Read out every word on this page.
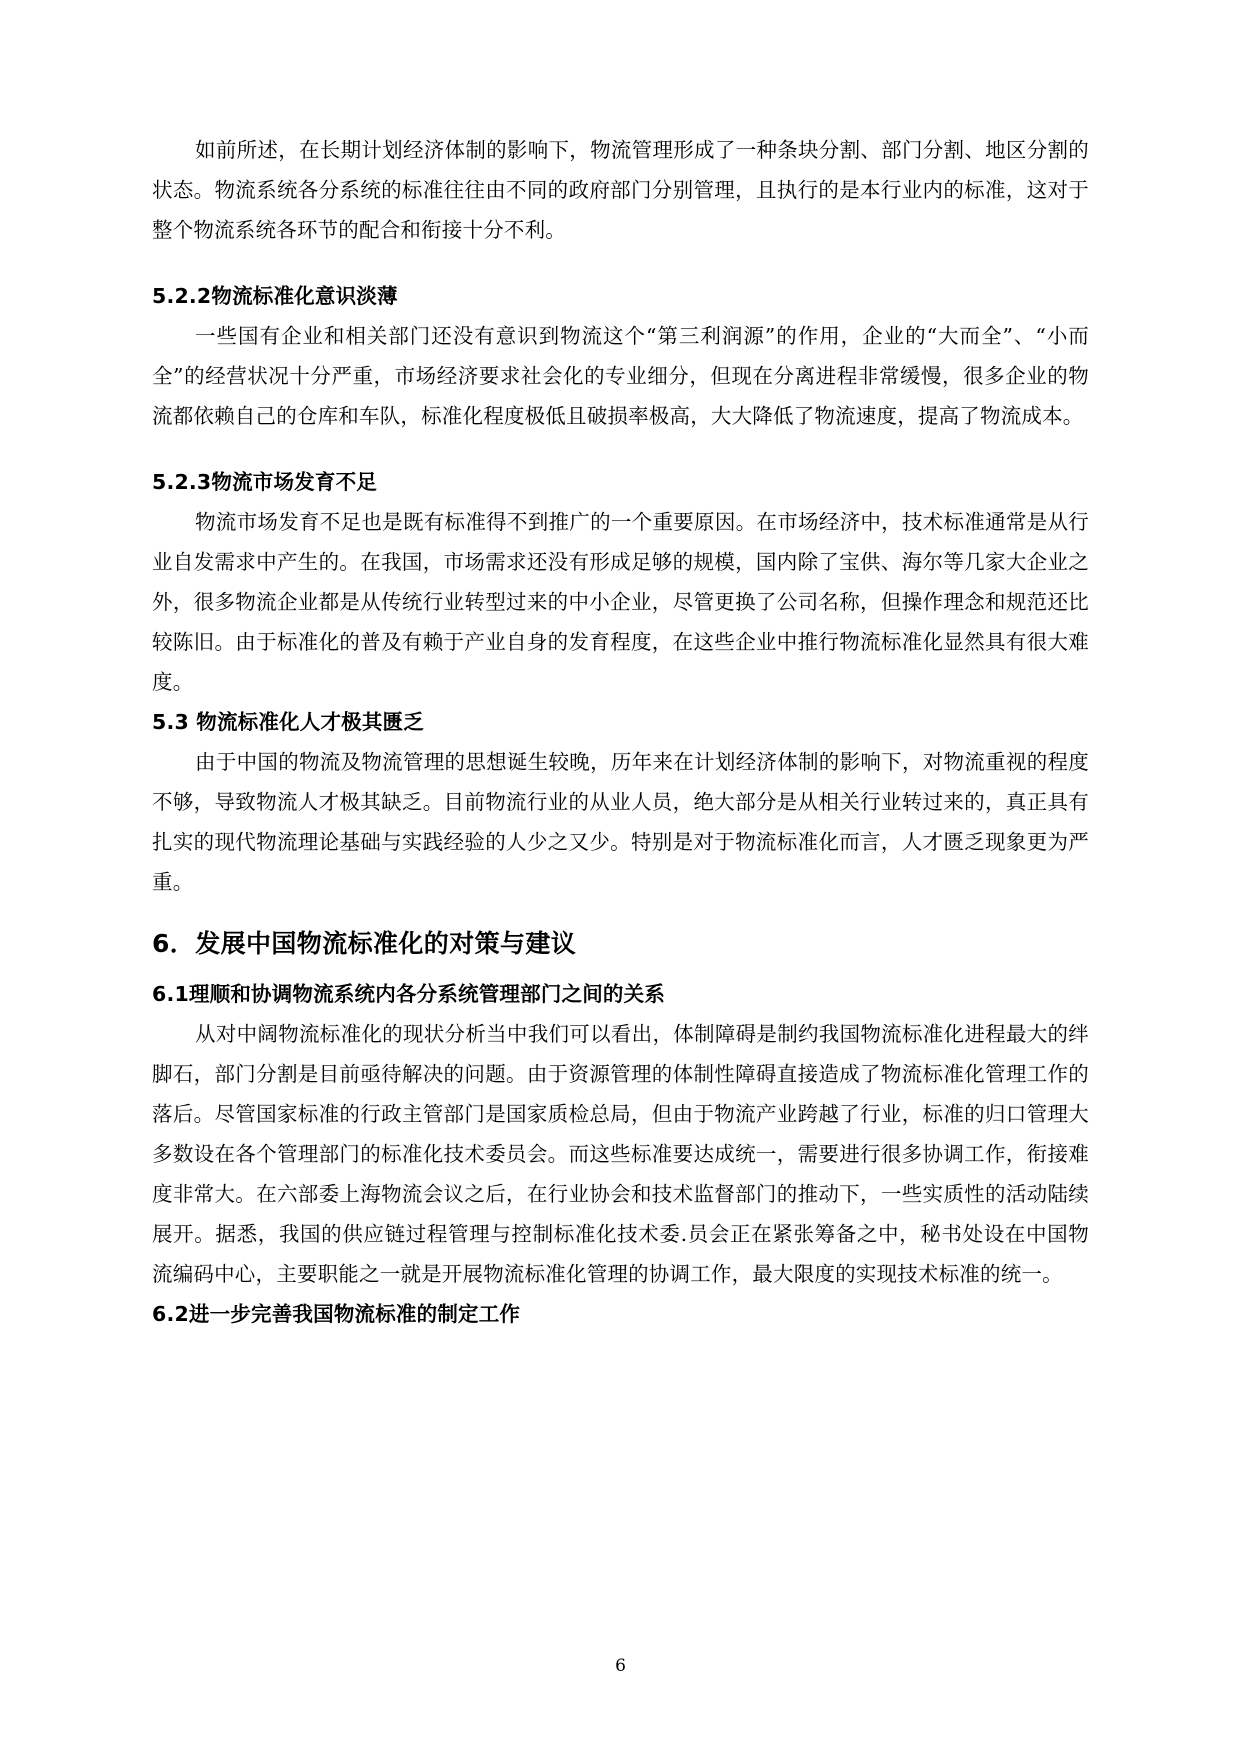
如前所述，在长期计划经济体制的影响下，物流管理形成了一种条块分割、部门分割、地区分割的状态。物流系统各分系统的标准往往由不同的政府部门分别管理，且执行的是本行业内的标准，这对于整个物流系统各环节的配合和衔接十分不利。

5.2.2物流标准化意识淡薄

一些国有企业和相关部门还没有意识到物流这个“第三利润源”的作用，企业的“大而全”、“小而全”的经营状况十分严重，市场经济要求社会化的专业细分，但现在分离进程非常缓慢，很多企业的物流都依赖自己的仓库和车队，标准化程度极低且破损率极高，大大降低了物流速度，提高了物流成本。

5.2.3物流市场发育不足

物流市场发育不足也是既有标准得不到推广的一个重要原因。在市场经济中，技术标准通常是从行业自发需求中产生的。在我国，市场需求还没有形成足够的规模，国内除了宝供、海尔等几家大企业之外，很多物流企业都是从传统行业转型过来的中小企业，尽管更换了公司名称，但操作理念和规范还比较陈旧。由于标准化的普及有赖于产业自身的发育程度，在这些企业中推行物流标准化显然具有很大难度。

5.3 物流标准化人才极其匮乏

由于中国的物流及物流管理的思想诞生较晚，历年来在计划经济体制的影响下，对物流重视的程度不够，导致物流人才极其缺乏。目前物流行业的从业人员，绝大部分是从相关行业转过来的，真正具有扎实的现代物流理论基础与实践经验的人少之又少。特别是对于物流标准化而言，人才匮乏现象更为严重。

6．发展中国物流标准化的对策与建议
6.1理顺和协调物流系统内各分系统管理部门之间的关系

从对中阔物流标准化的现状分析当中我们可以看出，体制障碍是制约我国物流标准化进程最大的绊脚石，部门分割是目前亟待解决的问题。由于资源管理的体制性障碍直接造成了物流标准化管理工作的落后。尽管国家标准的行政主管部门是国家质检总局，但由于物流产业跨越了行业，标准的归口管理大多数设在各个管理部门的标准化技术委员会。而这些标准要达成统一，需要进行很多协调工作，衔接难度非常大。在六部委上海物流会议之后，在行业协会和技术监督部门的推动下，一些实质性的活动陆续展开。据悉，我国的供应链过程管理与控制标准化技术委.员会正在紧张筹备之中，秘书处设在中国物流编码中心，主要职能之一就是开展物流标准化管理的协调工作，最大限度的实现技术标准的统一。

6.2进一步完善我国物流标准的制定工作
6
